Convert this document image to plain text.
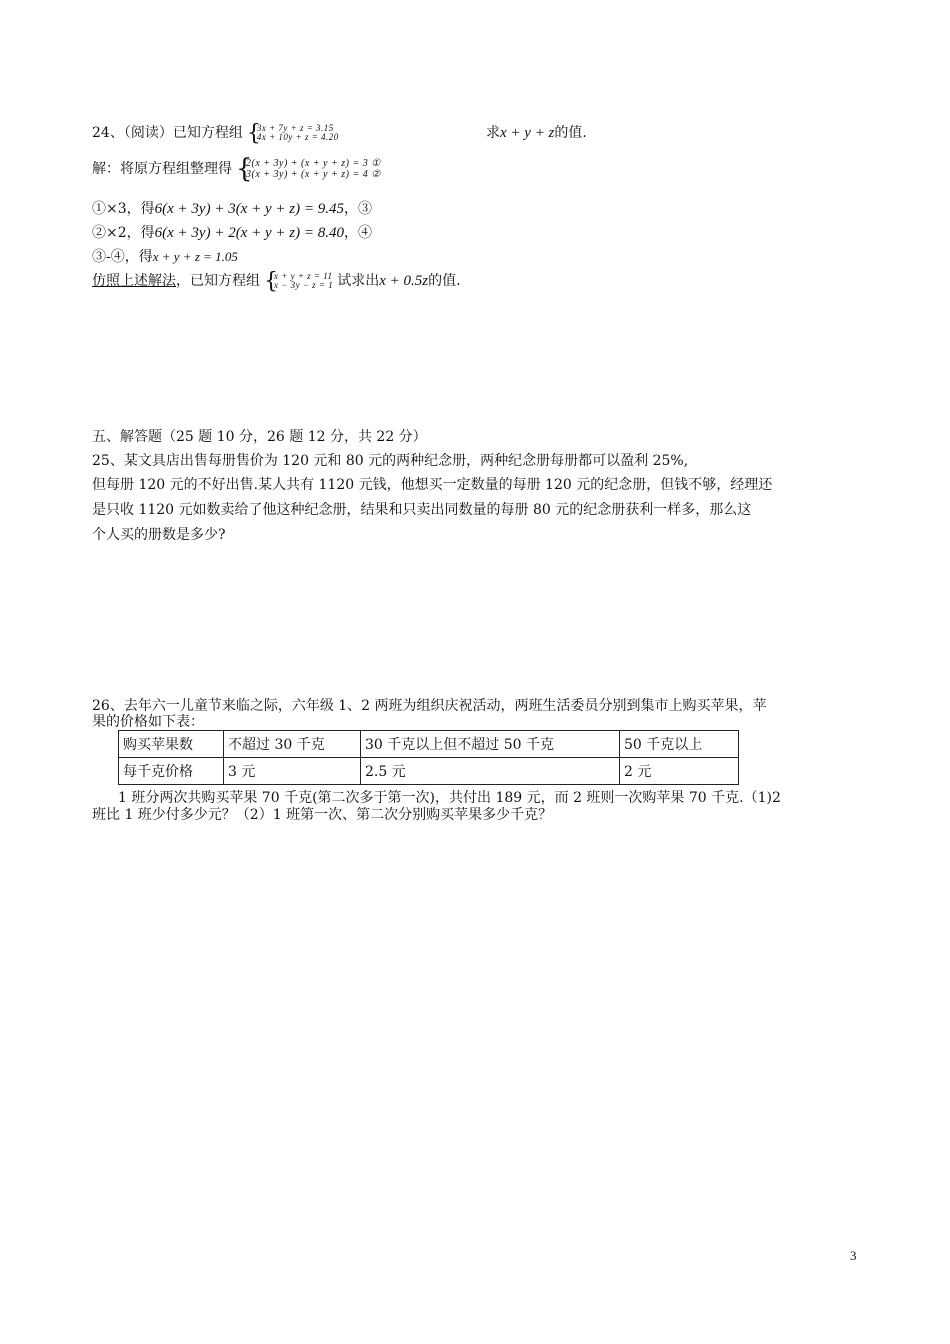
24、（阅读）已知方程组 {
3x + 7y + z = 3.15
4x + 10y + z = 4.20	求x + y + z的值.
解：将原方程组整理得 {
2(x + 3y) + (x + y + z) = 3 ①
3(x + 3y) + (x + y + z) = 4 ②
①×3，得6(x + 3y) + 3(x + y + z) = 9.45，③
②×2，得6(x + 3y) + 2(x + y + z) = 8.40，④
③-④，得x + y + z = 1.05
仿照上述解法，已知方程组 {
x + y + z = 11
x − 3y − z = 1 试求出x + 0.5z的值.
五、解答题（25 题 10 分，26 题 12 分，共 22 分）
25、某文具店出售每册售价为 120 元和 80 元的两种纪念册，两种纪念册每册都可以盈利 25%,
但每册 120 元的不好出售.某人共有 1120 元钱，他想买一定数量的每册 120 元的纪念册，但钱不够，经理还
是只收 1120 元如数卖给了他这种纪念册，结果和只卖出同数量的每册 80 元的纪念册获利一样多，那么这
个人买的册数是多少?
26、去年六一儿童节来临之际，六年级 1、2 两班为组织庆祝活动，两班生活委员分别到集市上购买苹果，苹
果的价格如下表：
购买苹果数	不超过 30 千克	30 千克以上但不超过 50 千克	50 千克以上
每千克价格	3 元	2.5 元	2 元
1 班分两次共购买苹果 70 千克(第二次多于第一次)，共付出 189 元，而 2 班则一次购苹果 70 千克.（1)2
班比 1 班少付多少元？（2）1 班第一次、第二次分别购买苹果多少千克？
3
